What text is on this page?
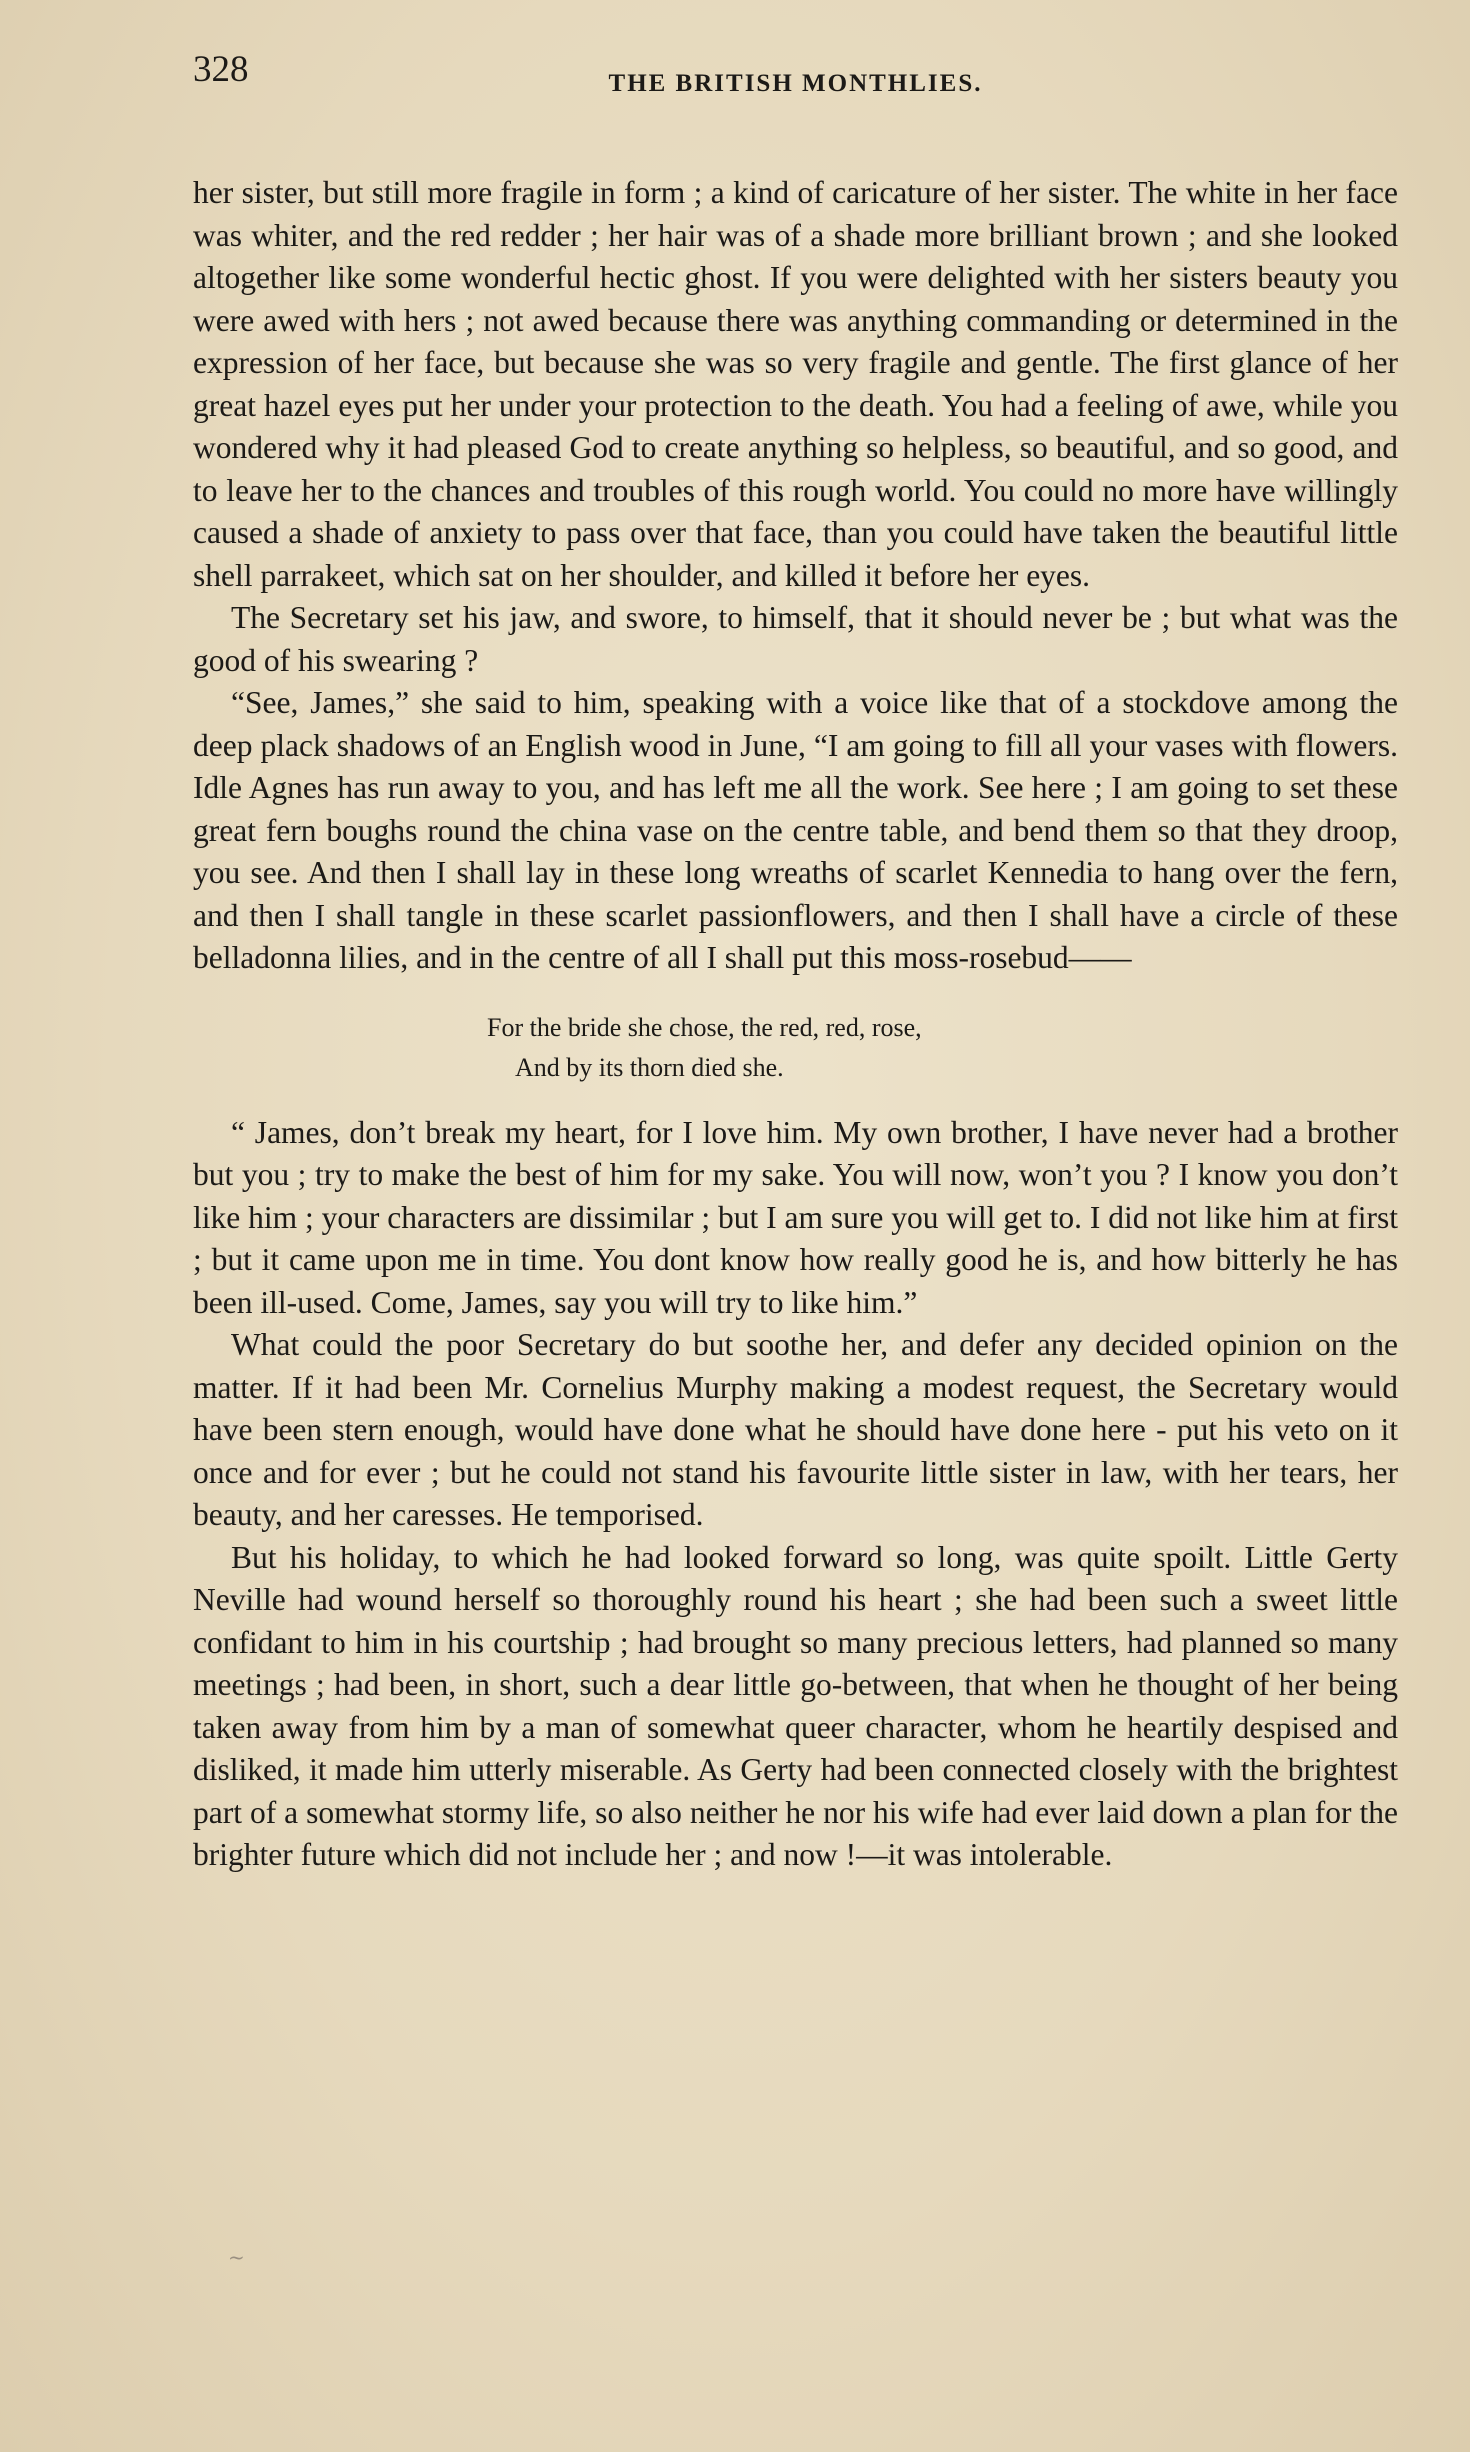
328	THE BRITISH MONTHLIES.

her sister, but still more fragile in form ; a kind of caricature of her sister. The white in her face was whiter, and the red redder ; her hair was of a shade more brilliant brown ; and she looked altogether like some wonderful hectic ghost. If you were delighted with her sisters beauty you were awed with hers ; not awed because there was anything commanding or determined in the expression of her face, but because she was so very fragile and gentle. The first glance of her great hazel eyes put her under your protection to the death. You had a feeling of awe, while you wondered why it had pleased God to create anything so helpless, so beautiful, and so good, and to leave her to the chances and troubles of this rough world. You could no more have willingly caused a shade of anxiety to pass over that face, than you could have taken the beautiful little shell parrakeet, which sat on her shoulder, and killed it before her eyes.

The Secretary set his jaw, and swore, to himself, that it should never be ; but what was the good of his swearing ?

“See, James,” she said to him, speaking with a voice like that of a stockdove among the deep plack shadows of an English wood in June, “I am going to fill all your vases with flowers. Idle Agnes has run away to you, and has left me all the work. See here ; I am going to set these great fern boughs round the china vase on the centre table, and bend them so that they droop, you see. And then I shall lay in these long wreaths of scarlet Kennedia to hang over the fern, and then I shall tangle in these scarlet passionflowers, and then I shall have a circle of these belladonna lilies, and in the centre of all I shall put this moss-rosebud——

For the bride she chose, the red, red, rose,
And by its thorn died she.

“ James, don’t break my heart, for I love him. My own brother, I have never had a brother but you ; try to make the best of him for my sake. You will now, won’t you ? I know you don’t like him ; your characters are dissimilar ; but I am sure you will get to. I did not like him at first ; but it came upon me in time. You dont know how really good he is, and how bitterly he has been ill-used. Come, James, say you will try to like him.”

What could the poor Secretary do but soothe her, and defer any decided opinion on the matter. If it had been Mr. Cornelius Murphy making a modest request, the Secretary would have been stern enough, would have done what he should have done here - put his veto on it once and for ever ; but he could not stand his favourite little sister in law, with her tears, her beauty, and her caresses. He temporised.

But his holiday, to which he had looked forward so long, was quite spoilt. Little Gerty Neville had wound herself so thoroughly round his heart ; she had been such a sweet little confidant to him in his courtship ; had brought so many precious letters, had planned so many meetings ; had been, in short, such a dear little go-between, that when he thought of her being taken away from him by a man of somewhat queer character, whom he heartily despised and disliked, it made him utterly miserable. As Gerty had been connected closely with the brightest part of a somewhat stormy life, so also neither he nor his wife had ever laid down a plan for the brighter future which did not include her ; and now !—it was intolerable.

~
